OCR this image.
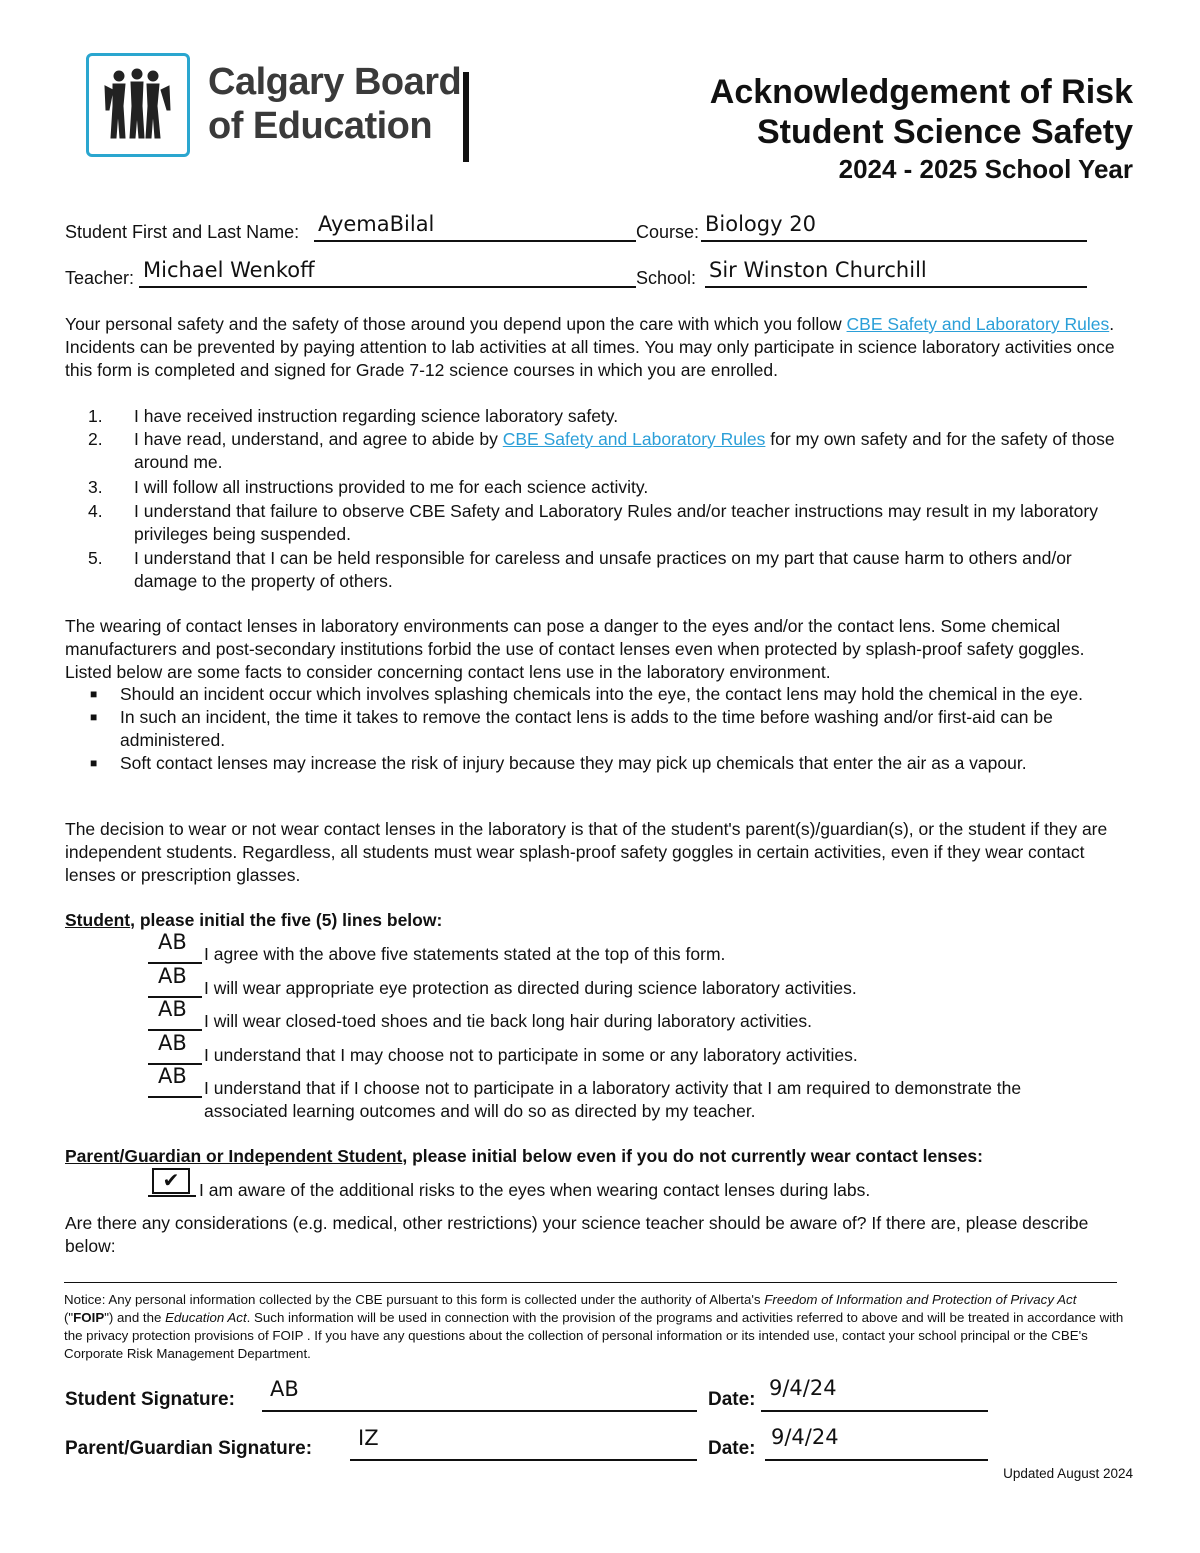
Calgary Board
of Education
Acknowledgement of Risk
Student Science Safety
2024 - 2025 School Year
Student First and Last Name: AyemaBilal	Course: Biology 20
Teacher: Michael Wenkoff	School: Sir Winston Churchill
Your personal safety and the safety of those around you depend upon the care with which you follow CBE Safety and Laboratory Rules. Incidents can be prevented by paying attention to lab activities at all times. You may only participate in science laboratory activities once this form is completed and signed for Grade 7-12 science courses in which you are enrolled.
1.	I have received instruction regarding science laboratory safety.
2.	I have read, understand, and agree to abide by CBE Safety and Laboratory Rules for my own safety and for the safety of those around me.
3.	I will follow all instructions provided to me for each science activity.
4.	I understand that failure to observe CBE Safety and Laboratory Rules and/or teacher instructions may result in my laboratory privileges being suspended.
5.	I understand that I can be held responsible for careless and unsafe practices on my part that cause harm to others and/or damage to the property of others.
The wearing of contact lenses in laboratory environments can pose a danger to the eyes and/or the contact lens. Some chemical manufacturers and post-secondary institutions forbid the use of contact lenses even when protected by splash-proof safety goggles. Listed below are some facts to consider concerning contact lens use in the laboratory environment.
■	Should an incident occur which involves splashing chemicals into the eye, the contact lens may hold the chemical in the eye.
■	In such an incident, the time it takes to remove the contact lens is adds to the time before washing and/or first-aid can be administered.
■	Soft contact lenses may increase the risk of injury because they may pick up chemicals that enter the air as a vapour.
The decision to wear or not wear contact lenses in the laboratory is that of the student's parent(s)/guardian(s), or the student if they are independent students. Regardless, all students must wear splash-proof safety goggles in certain activities, even if they wear contact lenses or prescription glasses.
Student, please initial the five (5) lines below:
AB I agree with the above five statements stated at the top of this form.
AB I will wear appropriate eye protection as directed during science laboratory activities.
AB I will wear closed-toed shoes and tie back long hair during laboratory activities.
AB I understand that I may choose not to participate in some or any laboratory activities.
AB I understand that if I choose not to participate in a laboratory activity that I am required to demonstrate the associated learning outcomes and will do so as directed by my teacher.
Parent/Guardian or Independent Student, please initial below even if you do not currently wear contact lenses:
✔	I am aware of the additional risks to the eyes when wearing contact lenses during labs.
Are there any considerations (e.g. medical, other restrictions) your science teacher should be aware of? If there are, please describe below:
Notice: Any personal information collected by the CBE pursuant to this form is collected under the authority of Alberta's Freedom of Information and Protection of Privacy Act ("FOIP") and the Education Act. Such information will be used in connection with the provision of the programs and activities referred to above and will be treated in accordance with the privacy protection provisions of FOIP . If you have any questions about the collection of personal information or its intended use, contact your school principal or the CBE's Corporate Risk Management Department.
Student Signature: AB	Date: 9/4/24
Parent/Guardian Signature: IZ	Date: 9/4/24
Updated August 2024
